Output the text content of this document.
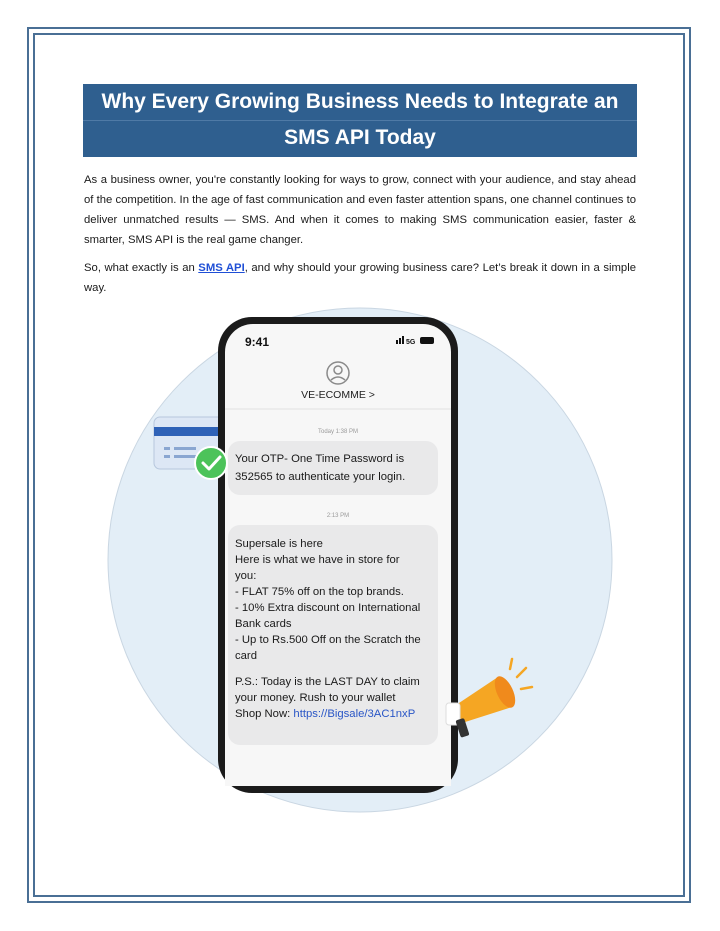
Why Every Growing Business Needs to Integrate an
SMS API Today

As a business owner, you're constantly looking for ways to grow, connect with your audience, and stay ahead of the competition. In the age of fast communication and even faster attention spans, one channel continues to deliver unmatched results — SMS. And when it comes to making SMS communication easier, faster & smarter, SMS API is the real game changer.

So, what exactly is an SMS API, and why should your growing business care? Let’s break it down in a simple way.

9:41	5G
VE-ECOMME >
Today 1:38 PM
Your OTP- One Time Password is 352565 to authenticate your login.
2:13 PM
Supersale is here Here is what we have in store for you: - FLAT 75% off on the top brands. - 10% Extra discount on International Bank cards - Up to Rs.500 Off on the Scratch the card P.S.: Today is the LAST DAY to claim your money. Rush to your wallet Shop Now: https://Bigsale/3AC1nxP
